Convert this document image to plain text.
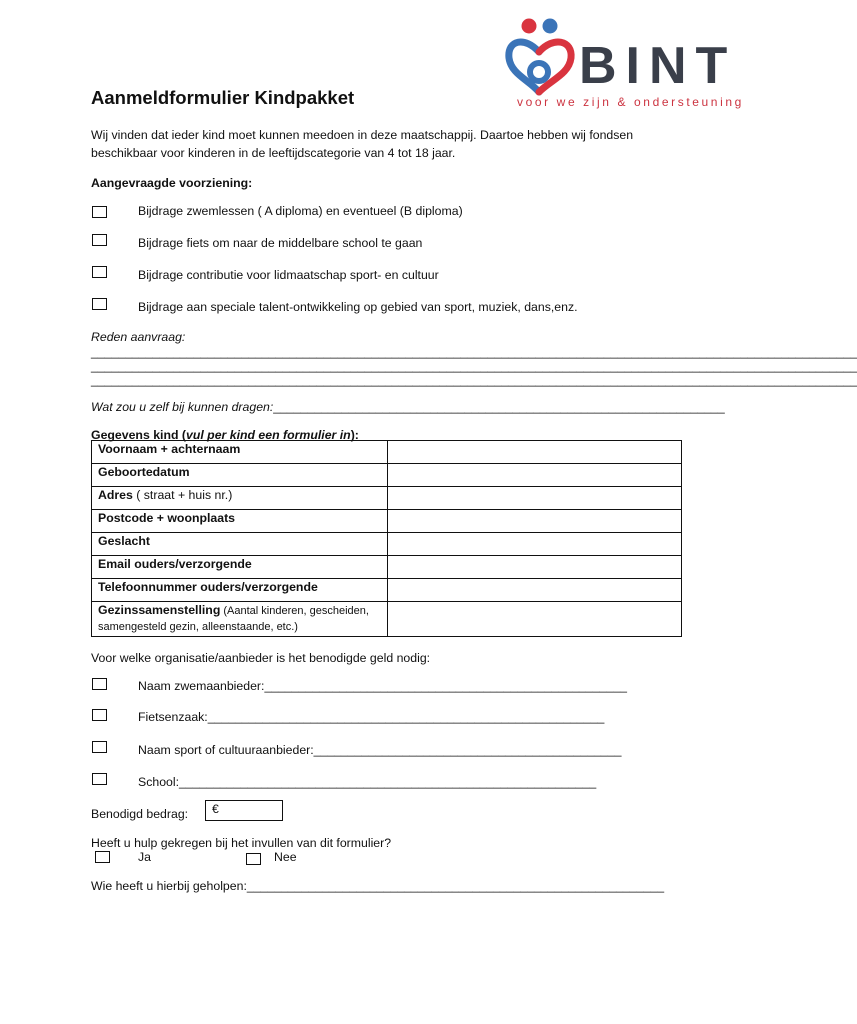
BINT
voor we zijn & ondersteuning
Aanmeldformulier Kindpakket
Wij vinden dat ieder kind moet kunnen meedoen in deze maatschappij. Daartoe hebben wij fondsen
beschikbaar voor kinderen in de leeftijdscategorie van 4 tot 18 jaar.
Aangevraagde voorziening:
Bijdrage zwemlessen ( A diploma) en eventueel (B diploma)
Bijdrage fiets om naar de middelbare school te gaan
Bijdrage contributie voor lidmaatschap sport- en cultuur
Bijdrage aan speciale talent-ontwikkeling op gebied van sport, muziek, dans,enz.
Reden aanvraag:
________________________________________________________________________________________________________________
________________________________________________________________________________________________________________
________________________________________________________________________________________________________________
Wat zou u zelf bij kunnen dragen:__________________________________________________________________
Gegevens kind (vul per kind een formulier in):
Voornaam + achternaam	
Geboortedatum	
Adres ( straat + huis nr.)	
Postcode + woonplaats	
Geslacht	
Email ouders/verzorgende	
Telefoonnummer ouders/verzorgende	
Gezinssamenstelling (Aantal kinderen, gescheiden,
samengesteld gezin, alleenstaande, etc.)	
Voor welke organisatie/aanbieder is het benodigde geld nodig:
Naam zwemaanbieder:_____________________________________________________
Fietsenzaak:__________________________________________________________
Naam sport of cultuuraanbieder:_____________________________________________
School:_____________________________________________________________
Benodigd bedrag: €
Heeft u hulp gekregen bij het invullen van dit formulier?
Ja	Nee
Wie heeft u hierbij geholpen:_____________________________________________________________
